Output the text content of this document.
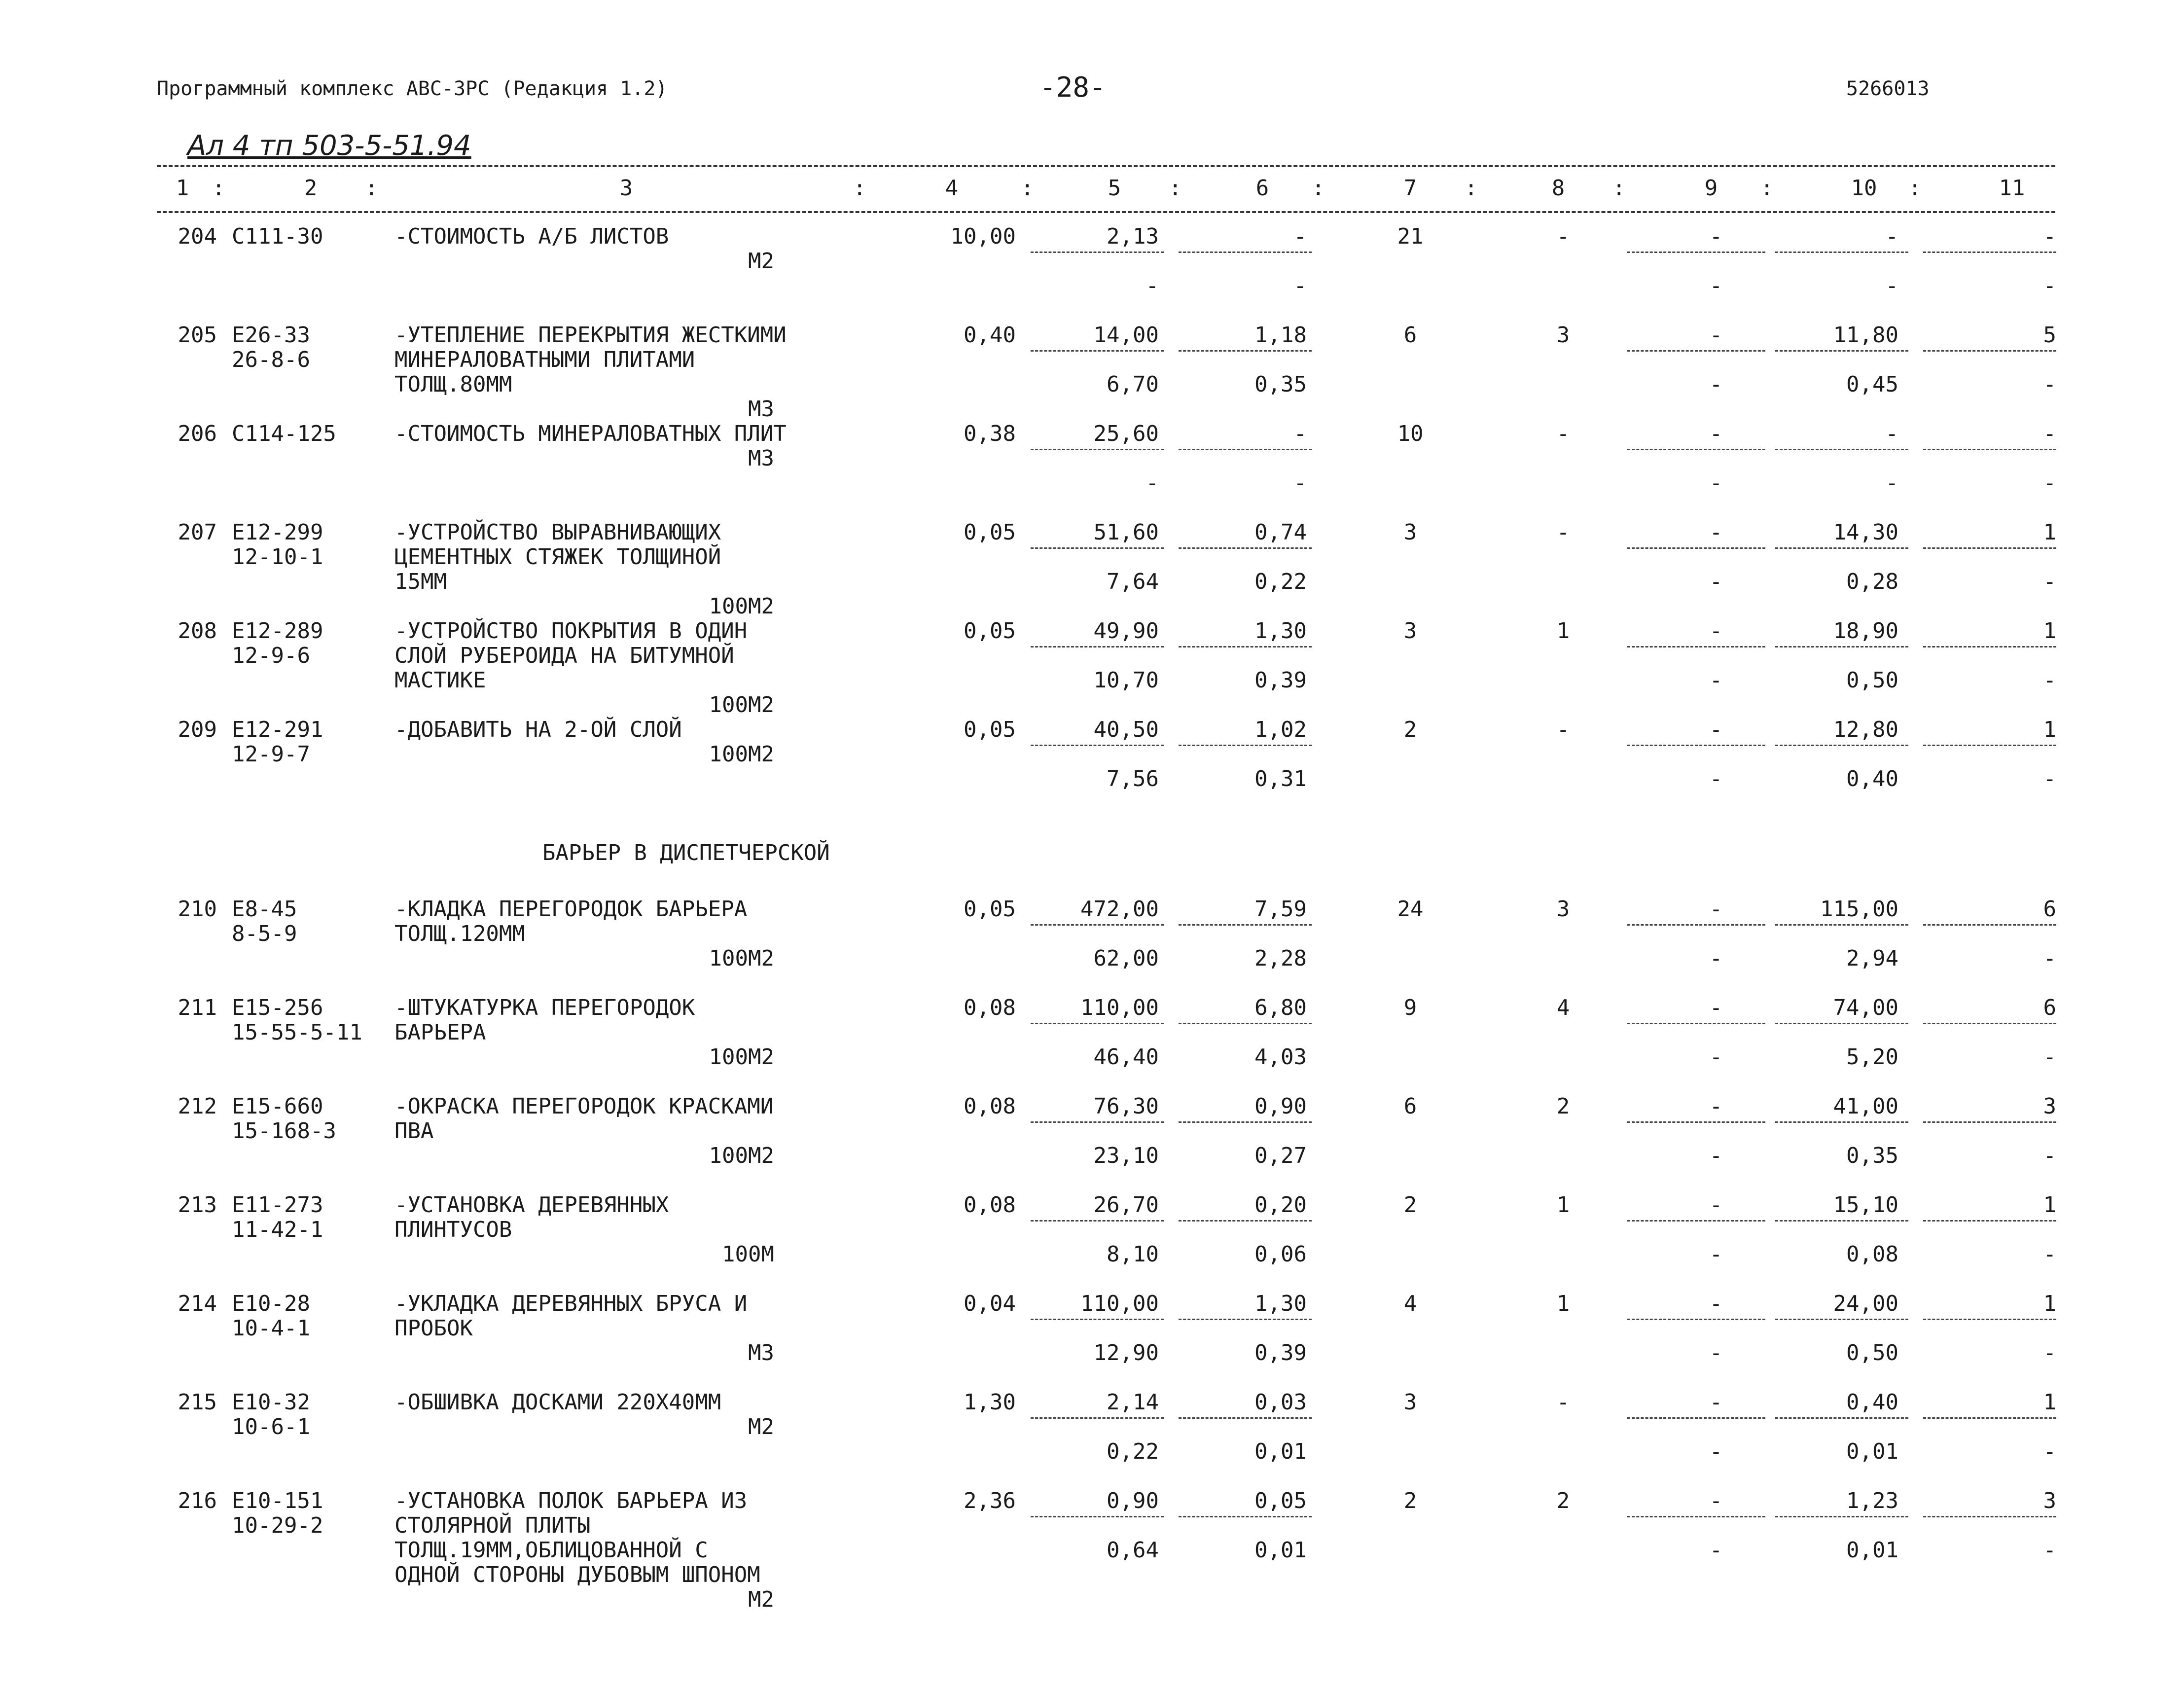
Программный комплекс АВС-3РС (Редакция 1.2)	-28-	5266013
Ал 4 тп 503-5-51.94
1	2	3	4	5	6	7	8	9	10	11
:	:	:	:	:	:	:	:	:	:
204 С111-30	-СТОИМОСТЬ А/Б ЛИСТОВ
М2
10,00	2,13	-	21	-	-	-	-
-	-	-	-	-
205 Е26-33
26-8-6
-УТЕПЛЕНИЕ ПЕРЕКРЫТИЯ ЖЕСТКИМИ
МИНЕРАЛОВАТНЫМИ ПЛИТАМИ
ТОЛЩ.80ММ
М3
0,40	14,00	1,18	6	3	-	11,80	5
6,70	0,35	-	0,45	-
206 С114-125	-СТОИМОСТЬ МИНЕРАЛОВАТНЫХ ПЛИТ
М3
0,38	25,60	-	10	-	-	-	-
-	-	-	-	-
207 Е12-299
12-10-1
-УСТРОЙСТВО ВЫРАВНИВАЮЩИХ
ЦЕМЕНТНЫХ СТЯЖЕК ТОЛЩИНОЙ
15ММ
100М2
0,05	51,60	0,74	3	-	-	14,30	1
7,64	0,22	-	0,28	-
208 Е12-289
12-9-6
-УСТРОЙСТВО ПОКРЫТИЯ В ОДИН
СЛОЙ РУБЕРОИДА НА БИТУМНОЙ
МАСТИКЕ
100М2
0,05	49,90	1,30	3	1	-	18,90	1
10,70	0,39	-	0,50	-
209 Е12-291
12-9-7
-ДОБАВИТЬ НА 2-ОЙ СЛОЙ
100М2
0,05	40,50	1,02	2	-	-	12,80	1
7,56	0,31	-	0,40	-
210 Е8-45
8-5-9
-КЛАДКА ПЕРЕГОРОДОК БАРЬЕРА
ТОЛЩ.120ММ
100М2
0,05	472,00	7,59	24	3	-	115,00	6
62,00	2,28	-	2,94	-
211 Е15-256
15-55-5-11
-ШТУКАТУРКА ПЕРЕГОРОДОК
БАРЬЕРА
100М2
0,08	110,00	6,80	9	4	-	74,00	6
46,40	4,03	-	5,20	-
212 Е15-660
15-168-3
-ОКРАСКА ПЕРЕГОРОДОК КРАСКАМИ
ПВА
100М2
0,08	76,30	0,90	6	2	-	41,00	3
23,10	0,27	-	0,35	-
213 Е11-273
11-42-1
-УСТАНОВКА ДЕРЕВЯННЫХ
ПЛИНТУСОВ
100М
0,08	26,70	0,20	2	1	-	15,10	1
8,10	0,06	-	0,08	-
214 Е10-28
10-4-1
-УКЛАДКА ДЕРЕВЯННЫХ БРУСА И
ПРОБОК
М3
0,04	110,00	1,30	4	1	-	24,00	1
12,90	0,39	-	0,50	-
215 Е10-32
10-6-1
-ОБШИВКА ДОСКАМИ 220Х40ММ
М2
1,30	2,14	0,03	3	-	-	0,40	1
0,22	0,01	-	0,01	-
216 Е10-151
10-29-2
-УСТАНОВКА ПОЛОК БАРЬЕРА ИЗ
СТОЛЯРНОЙ ПЛИТЫ
ТОЛЩ.19ММ,ОБЛИЦОВАННОЙ С
ОДНОЙ СТОРОНЫ ДУБОВЫМ ШПОНОМ
М2
2,36	0,90	0,05	2	2	-	1,23	3
0,64	0,01	-	0,01	-
БАРЬЕР В ДИСПЕТЧЕРСКОЙ
